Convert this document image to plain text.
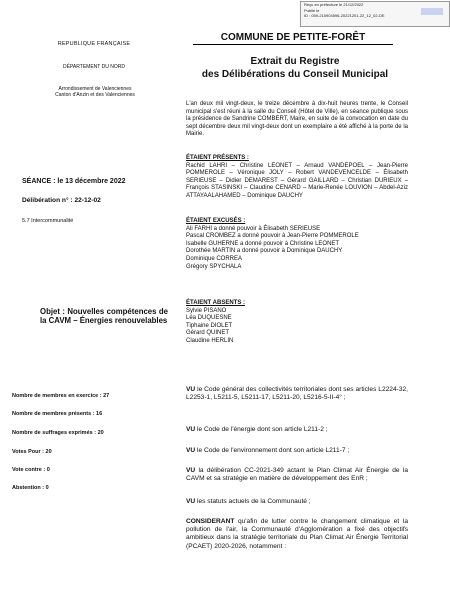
Reçu en préfecture le 21/12/2022
Publié le
ID : 059-215904596-20221201-22_12_02-DE
REPUBLIQUE FRANÇAISE
DÉPARTEMENT DU NORD
Arrondissement de Valenciennes
Canton d'Anzin et des Valenciennes
COMMUNE DE PETITE-FORÊT
Extrait du Registre
des Délibérations du Conseil Municipal
L'an deux mil vingt-deux, le treize décembre à dix-huit heures trente, le Conseil municipal s'est réuni à la salle du Conseil (Hôtel de Ville), en séance publique sous la présidence de Sandrine COMBERT, Maire, en suite de la convocation en date du sept décembre deux mil vingt-deux dont un exemplaire a été affiché à la porte de la Mairie.
ÉTAIENT PRÉSENTS :
Rachid LAHRI – Christine LEONET – Arnaud VANDEPOEL – Jean-Pierre POMMEROLE – Véronique JOLY – Robert VANDEVENCELDE – Élisabeth SERIEUSE – Didier DEMAREST – Gérard GAILLARD – Christian DURIEUX – François STASINSKI – Claudine CENARD – Marie-Renée LOUVION – Abdel-Aziz ATTAYAALAHAMED – Dominique DAUCHY
ÉTAIENT EXCUSÉS :
Ali FARHI a donné pouvoir à Élisabeth SERIEUSE
Pascal CROMBEZ a donné pouvoir à Jean-Pierre POMMEROLE
Isabelle GUHERNE a donné pouvoir à Christine LEONET
Dorothée MARTIN a donné pouvoir à Dominique DAUCHY
Dominique CORREA
Grégory SPYCHALA
ÉTAIENT ABSENTS :
Sylvie PISANO
Léa DUQUESNE
Tiphaine DIOLET
Gérard QUINET
Claudine HERLIN
SÉANCE : le 13 décembre 2022
Délibération n° : 22-12-02
5.7 Intercommunalité
Objet : Nouvelles compétences de la CAVM – Énergies renouvelables
Nombre de membres en exercice : 27
Nombre de membres présents : 16
Nombre de suffrages exprimés : 20
Votes Pour : 20
Vote contre : 0
Abstention : 0
VU le Code général des collectivités territoriales dont ses articles L2224-32, L2253-1, L5211-5, L5211-17, L5211-20, L5216-5-II-4° ;
VU le Code de l'énergie dont son article L211-2 ;
VU le Code de l'environnement dont son article L211-7 ;
VU la délibération CC-2021-349 actant le Plan Climat Air Énergie de la CAVM et sa stratégie en matière de développement des EnR ;
VU les statuts actuels de la Communauté ;
CONSIDERANT qu'afin de lutter contre le changement climatique et la pollution de l'air, la Communauté d'Agglomération a fixé des objectifs ambitieux dans la stratégie territoriale du Plan Climat Air Énergie Territorial (PCAET) 2020-2026, notamment :
